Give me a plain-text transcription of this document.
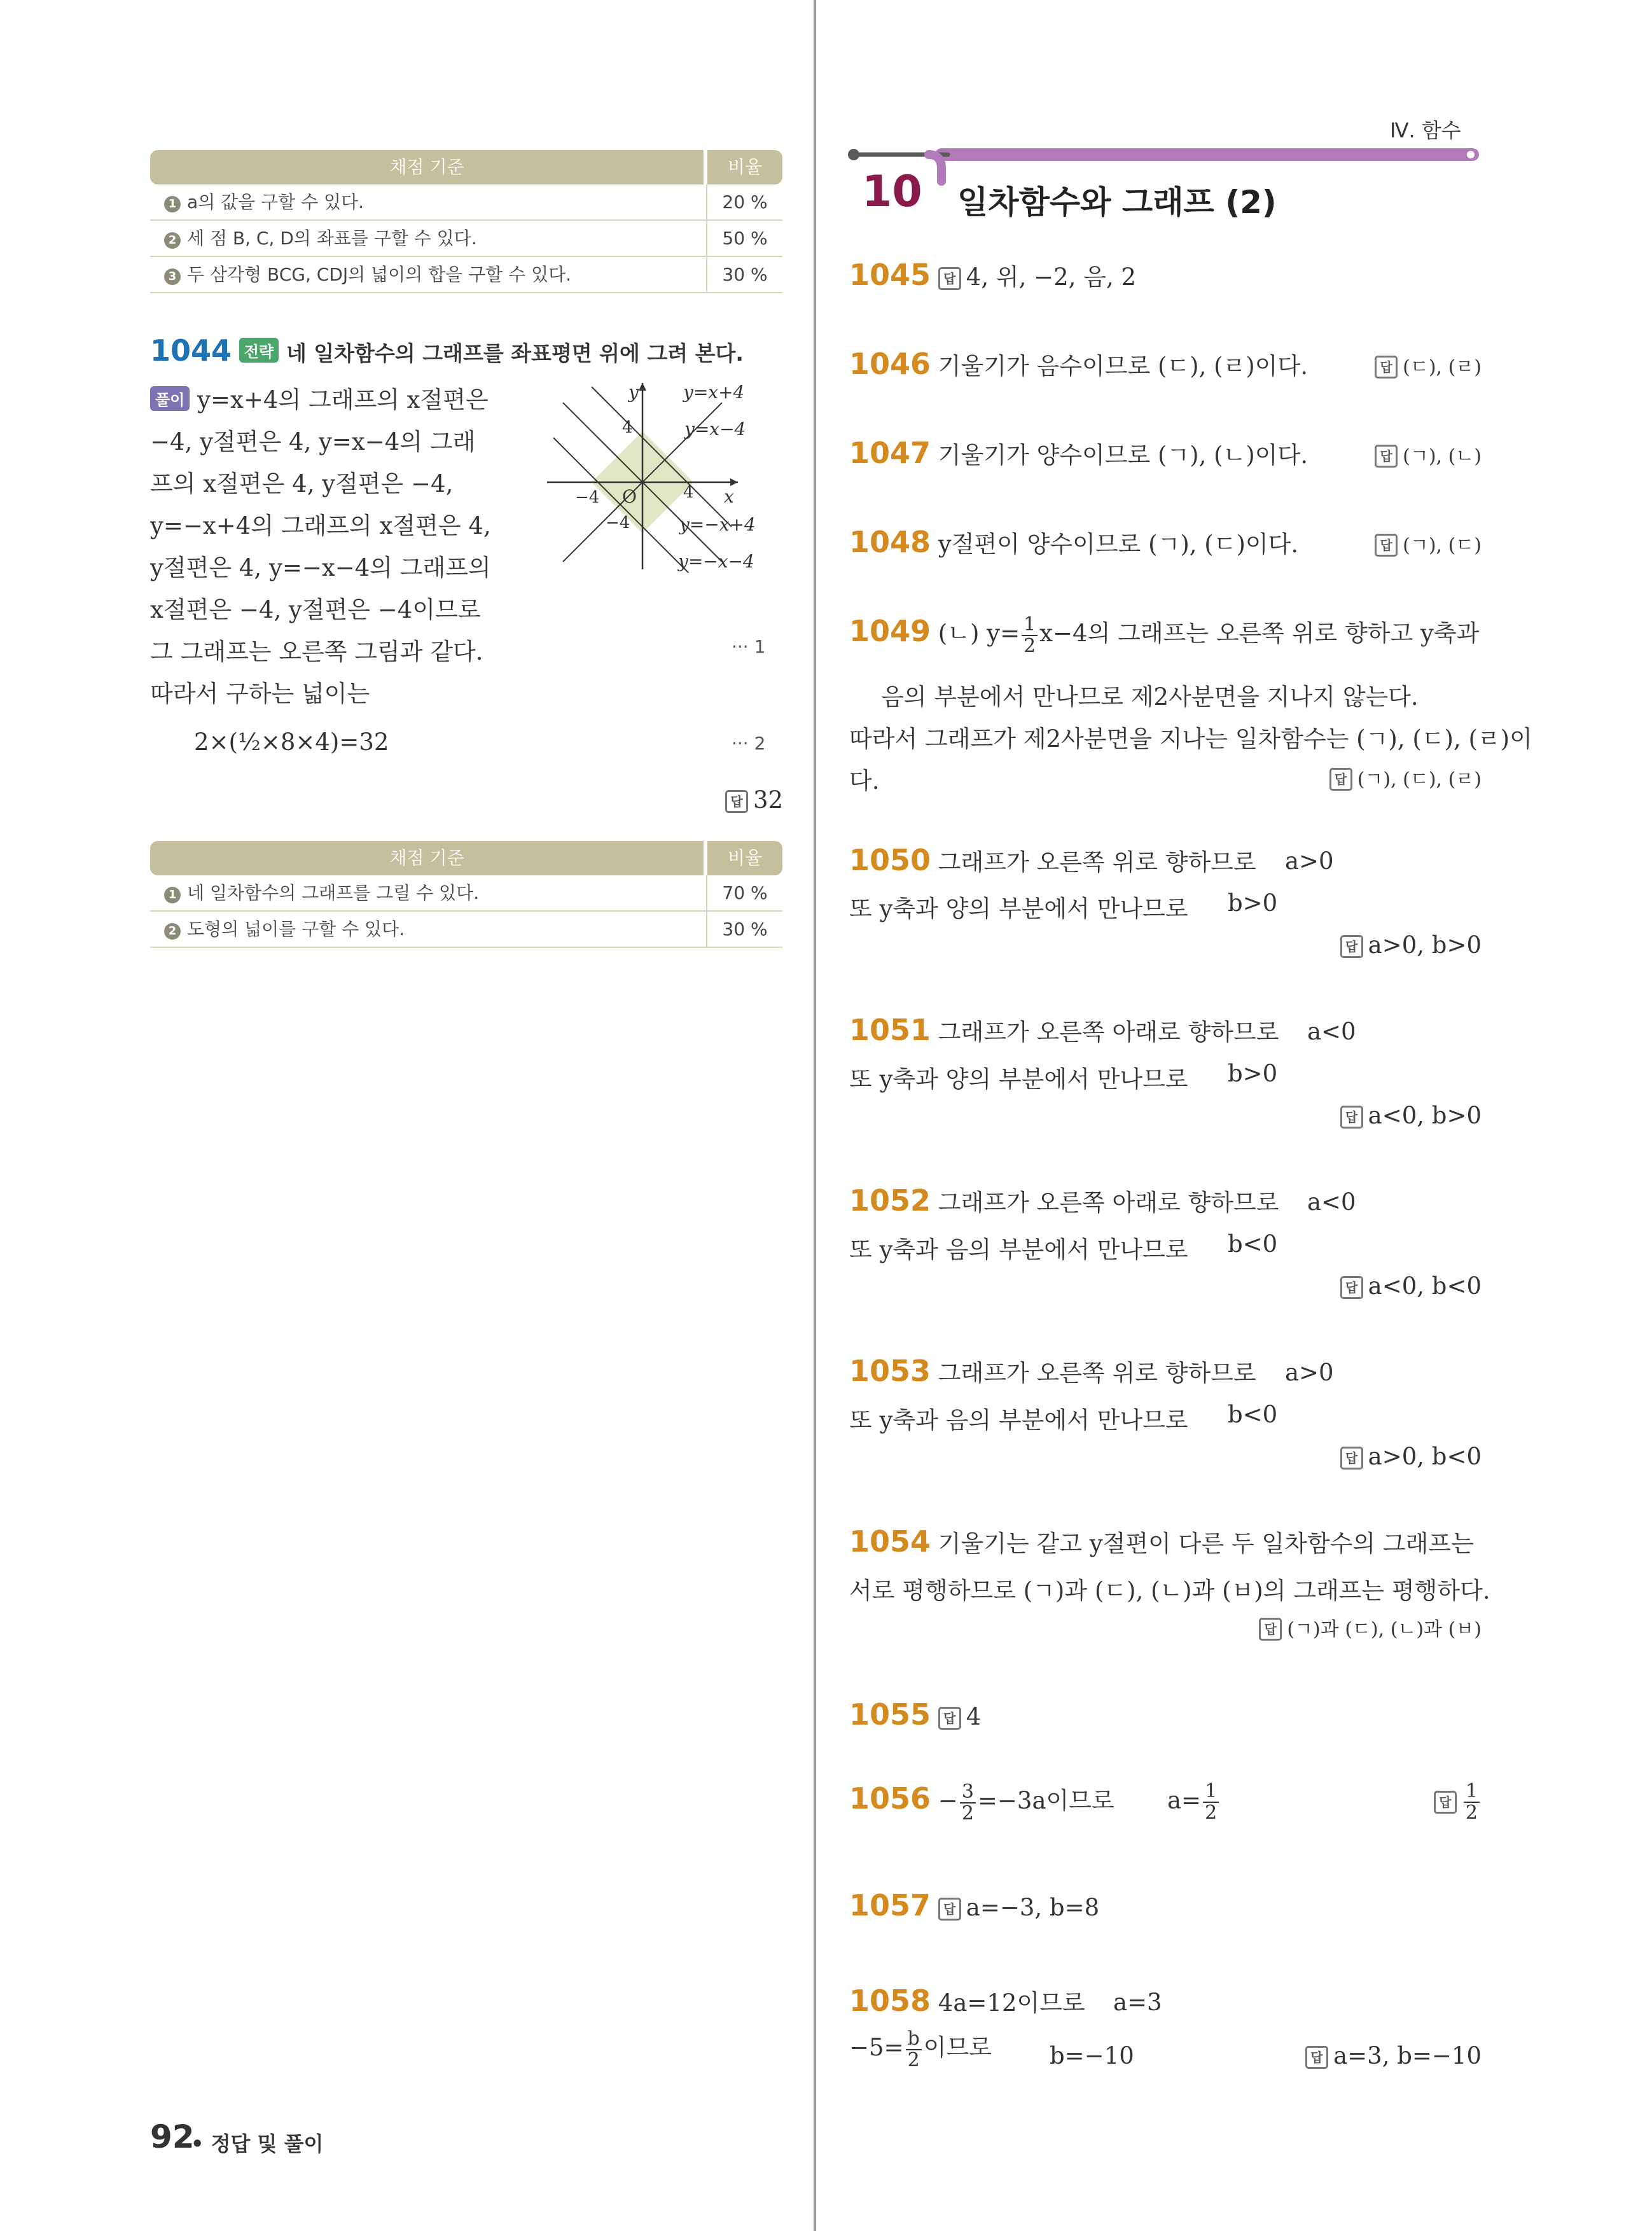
채점 기준	비율
1 a의 값을 구할 수 있다.	20 %
2 세 점 B, C, D의 좌표를 구할 수 있다.	50 %
3 두 삼각형 BCG, CDJ의 넓이의 합을 구할 수 있다.	30 %
1044 전략 네 일차함수의 그래프를 좌표평면 위에 그려 본다.
풀이 y=x+4의 그래프의 x절편은
−4, y절편은 4, y=x−4의 그래
프의 x절편은 4, y절편은 −4,
y=−x+4의 그래프의 x절편은 4,
y절편은 4, y=−x−4의 그래프의
x절편은 −4, y절편은 −4이므로
그 그래프는 오른쪽 그림과 같다.	··· 1
따라서 구하는 넓이는
2×(½×8×4)=32	··· 2
답 32
y
x
O
4
−4	4
−4
y=x+4
y=x−4
y=−x+4
y=−x−4
채점 기준	비율
1 네 일차함수의 그래프를 그릴 수 있다.	70 %
2 도형의 넓이를 구할 수 있다.	30 %
92
• 정답 및 풀이
Ⅳ. 함수
10 일차함수와 그래프 (2)
1045 답 4, 위, −2, 음, 2
1046 기울기가 음수이므로 (ㄷ), (ㄹ)이다.	답 (ㄷ), (ㄹ)
1047 기울기가 양수이므로 (ㄱ), (ㄴ)이다.	답 (ㄱ), (ㄴ)
1048 y절편이 양수이므로 (ㄱ), (ㄷ)이다.	답 (ㄱ), (ㄷ)
1049 (ㄴ) $y= \frac{1}{2} x-4$의 그래프는 오른쪽 위로 향하고 y축과
음의 부분에서 만나므로 제2사분면을 지나지 않는다.
따라서 그래프가 제2사분면을 지나는 일차함수는 (ㄱ), (ㄷ), (ㄹ)이
다.	답 (ㄱ), (ㄷ), (ㄹ)
1050 그래프가 오른쪽 위로 향하므로 a>0
또 y축과 양의 부분에서 만나므로 b>0
답 a>0, b>0
1051 그래프가 오른쪽 아래로 향하므로 a<0
또 y축과 양의 부분에서 만나므로 b>0
답 a<0, b>0
1052 그래프가 오른쪽 아래로 향하므로 a<0
또 y축과 음의 부분에서 만나므로 b<0
답 a<0, b<0
1053 그래프가 오른쪽 위로 향하므로 a>0
또 y축과 음의 부분에서 만나므로 b<0
답 a>0, b<0
1054 기울기는 같고 y절편이 다른 두 일차함수의 그래프는
서로 평행하므로 (ㄱ)과 (ㄷ), (ㄴ)과 (ㅂ)의 그래프는 평행하다.
답 (ㄱ)과 (ㄷ), (ㄴ)과 (ㅂ)
1055 답 4
$1056 - \frac{3}{2} =-3a$이므로 $a= \frac{1}{2}$	답 $\frac{1}{2}$
1057 답 a=−3, b=8
1058 4a=12이므로 a=3
$-5= \frac{b}{2}$ 이므로 b=−10	답 a=3, b=−10
